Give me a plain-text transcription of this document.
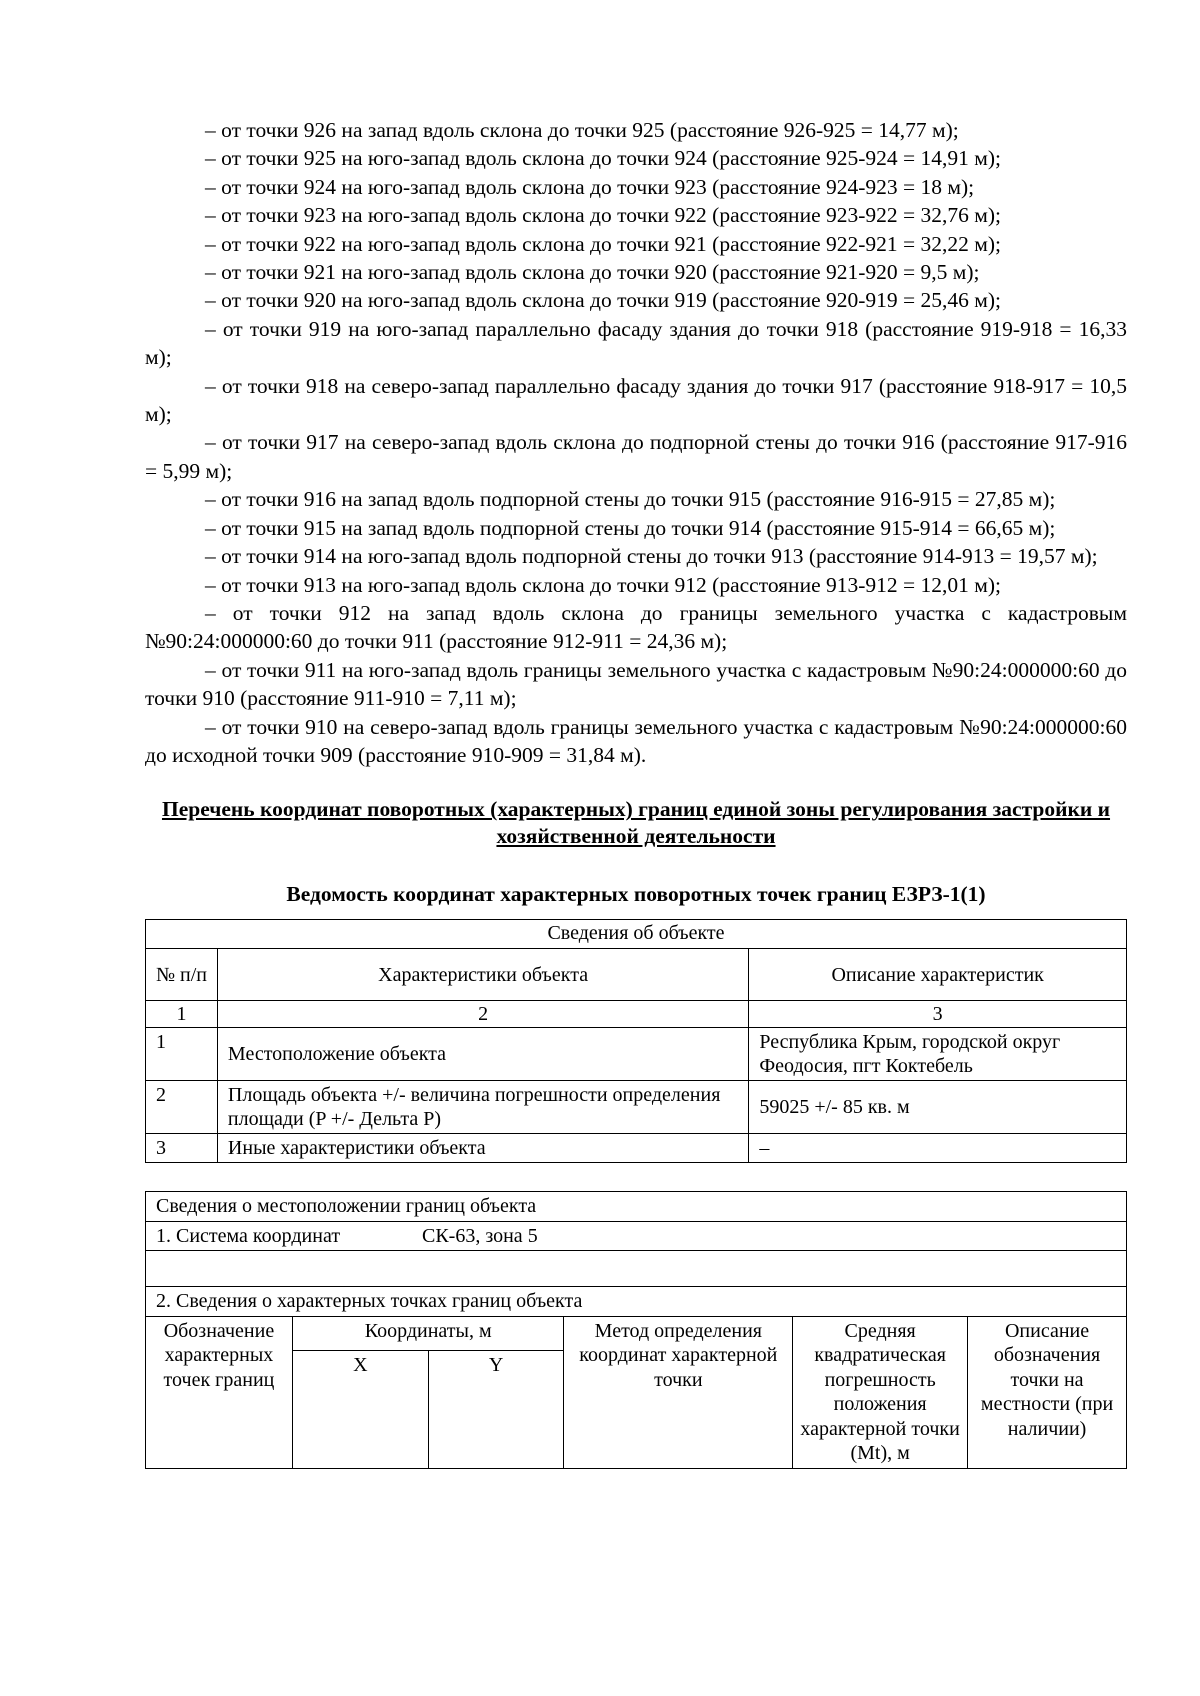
– от точки 926 на запад вдоль склона до точки 925 (расстояние 926-925 = 14,77 м);

– от точки 925 на юго-запад вдоль склона до точки 924 (расстояние 925-924 = 14,91 м);

– от точки 924 на юго-запад вдоль склона до точки 923 (расстояние 924-923 = 18 м);

– от точки 923 на юго-запад вдоль склона до точки 922 (расстояние 923-922 = 32,76 м);

– от точки 922 на юго-запад вдоль склона до точки 921 (расстояние 922-921 = 32,22 м);

– от точки 921 на юго-запад вдоль склона до точки 920 (расстояние 921-920 = 9,5 м);

– от точки 920 на юго-запад вдоль склона до точки 919 (расстояние 920-919 = 25,46 м);

– от точки 919 на юго-запад параллельно фасаду здания до точки 918 (расстояние 919-918 = 16,33 м);

– от точки 918 на северо-запад параллельно фасаду здания до точки 917 (расстояние 918-917 = 10,5 м);

– от точки 917 на северо-запад вдоль склона до подпорной стены до точки 916 (расстояние 917-916 = 5,99 м);

– от точки 916 на запад вдоль подпорной стены до точки 915 (расстояние 916-915 = 27,85 м);

– от точки 915 на запад вдоль подпорной стены до точки 914 (расстояние 915-914 = 66,65 м);

– от точки 914 на юго-запад вдоль подпорной стены до точки 913 (расстояние 914-913 = 19,57 м);

– от точки 913 на юго-запад вдоль склона до точки 912 (расстояние 913-912 = 12,01 м);

– от точки 912 на запад вдоль склона до границы земельного участка с кадастровым №90:24:000000:60 до точки 911 (расстояние 912-911 = 24,36 м);

– от точки 911 на юго-запад вдоль границы земельного участка с кадастровым №90:24:000000:60 до точки 910 (расстояние 911-910 = 7,11 м);

– от точки 910 на северо-запад вдоль границы земельного участка с кадастровым №90:24:000000:60 до исходной точки 909 (расстояние 910-909 = 31,84 м).

Перечень координат поворотных (характерных) границ единой зоны регулирования застройки и хозяйственной деятельности

Ведомость координат характерных поворотных точек границ ЕЗРЗ-1(1)

Сведения об объекте		
№ п/п	Характеристики объекта	Описание характеристик
1	2	3
1	Местоположение объекта	Республика Крым, городской округ Феодосия, пгт Коктебель
2	Площадь объекта +/- величина погрешности определения площади (P +/- Дельта P)	59025 +/- 85 кв. м
3	Иные характеристики объекта	–
Сведения о местоположении границ объекта					
1. Система координат			СК-63, зона 5		

2. Сведения о характерных точках границ объекта					
Обозначение характерных точек границ	Координаты, м		Метод определения координат характерной точки	Средняя квадратическая погрешность положения характерной точки (Mt), м	Описание обозначения точки на местности (при наличии)
	X	Y			
